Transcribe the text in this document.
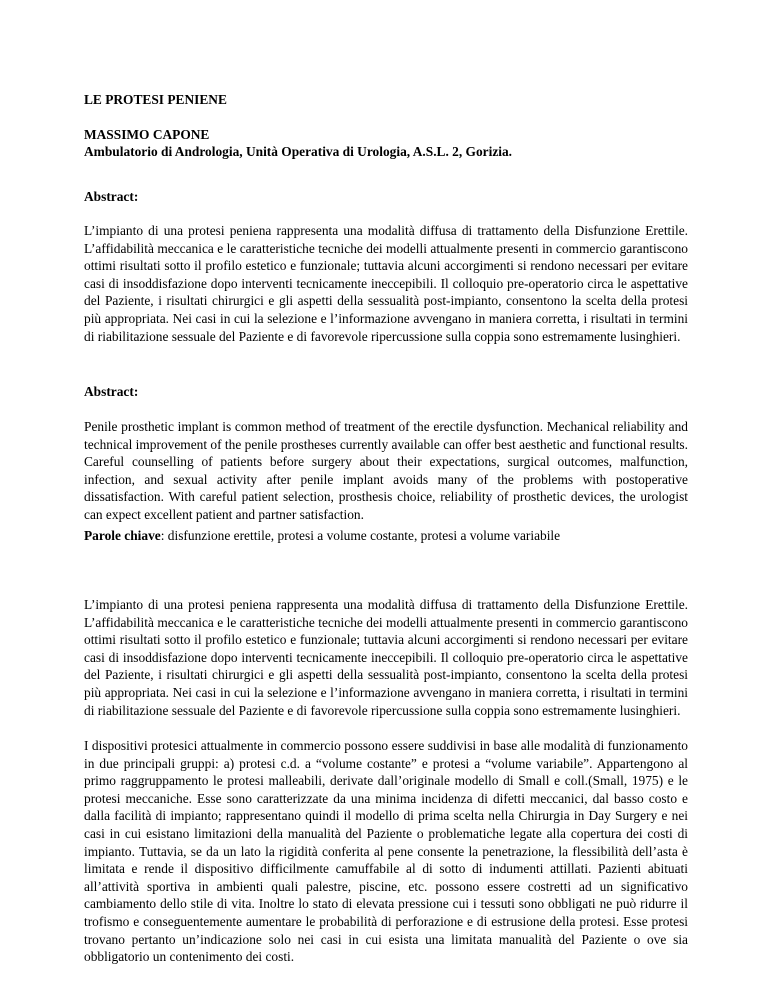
LE PROTESI PENIENE

MASSIMO CAPONE

Ambulatorio di Andrologia, Unità Operativa di Urologia, A.S.L. 2, Gorizia.

Abstract:

L’impianto di una protesi peniena rappresenta una modalità diffusa di trattamento della Disfunzione Erettile. L’affidabilità meccanica e le caratteristiche tecniche dei modelli attualmente presenti in commercio garantiscono ottimi risultati sotto il profilo estetico e funzionale; tuttavia alcuni accorgimenti si rendono necessari per evitare casi di insoddisfazione dopo interventi tecnicamente ineccepibili. Il colloquio pre-operatorio circa le aspettative del Paziente, i risultati chirurgici e gli aspetti della sessualità post-impianto, consentono la scelta della protesi più appropriata. Nei casi in cui la selezione e l’informazione avvengano in maniera corretta, i risultati in termini di riabilitazione sessuale del Paziente e di favorevole ripercussione sulla coppia sono estremamente lusinghieri.

Abstract:

Penile prosthetic implant is common method of treatment of the erectile dysfunction. Mechanical reliability and technical improvement of the penile prostheses currently available can offer best aesthetic and functional results. Careful counselling of patients before surgery about their expectations, surgical outcomes, malfunction, infection, and sexual activity after penile implant avoids many of the problems with postoperative dissatisfaction. With careful patient selection, prosthesis choice, reliability of prosthetic devices, the urologist can expect excellent patient and partner satisfaction.

Parole chiave: disfunzione erettile, protesi a volume costante, protesi a volume variabile

L’impianto di una protesi peniena rappresenta una modalità diffusa di trattamento della Disfunzione Erettile. L’affidabilità meccanica e le caratteristiche tecniche dei modelli attualmente presenti in commercio garantiscono ottimi risultati sotto il profilo estetico e funzionale; tuttavia alcuni accorgimenti si rendono necessari per evitare casi di insoddisfazione dopo interventi tecnicamente ineccepibili. Il colloquio pre-operatorio circa le aspettative del Paziente, i risultati chirurgici e gli aspetti della sessualità post-impianto, consentono la scelta della protesi più appropriata. Nei casi in cui la selezione e l’informazione avvengano in maniera corretta, i risultati in termini di riabilitazione sessuale del Paziente e di favorevole ripercussione sulla coppia sono estremamente lusinghieri.

I dispositivi protesici attualmente in commercio possono essere suddivisi in base alle modalità di funzionamento in due principali gruppi: a) protesi c.d. a “volume costante” e protesi a “volume variabile”. Appartengono al primo raggruppamento le protesi malleabili, derivate dall’originale modello di Small e coll.(Small, 1975) e le protesi meccaniche. Esse sono caratterizzate da una minima incidenza di difetti meccanici, dal basso costo e dalla facilità di impianto; rappresentano quindi il modello di prima scelta nella Chirurgia in Day Surgery e nei casi in cui esistano limitazioni della manualità del Paziente o problematiche legate alla copertura dei costi di impianto. Tuttavia, se da un lato la rigidità conferita al pene consente la penetrazione, la flessibilità dell’asta è limitata e rende il dispositivo difficilmente camuffabile al di sotto di indumenti attillati. Pazienti abituati all’attività sportiva in ambienti quali palestre, piscine, etc. possono essere costretti ad un significativo cambiamento dello stile di vita. Inoltre lo stato di elevata pressione cui i tessuti sono obbligati ne può ridurre il trofismo e conseguentemente aumentare le probabilità di perforazione e di estrusione della protesi. Esse protesi trovano pertanto un’indicazione solo nei casi in cui esista una limitata manualità del Paziente o ove sia obbligatorio un contenimento dei costi.
